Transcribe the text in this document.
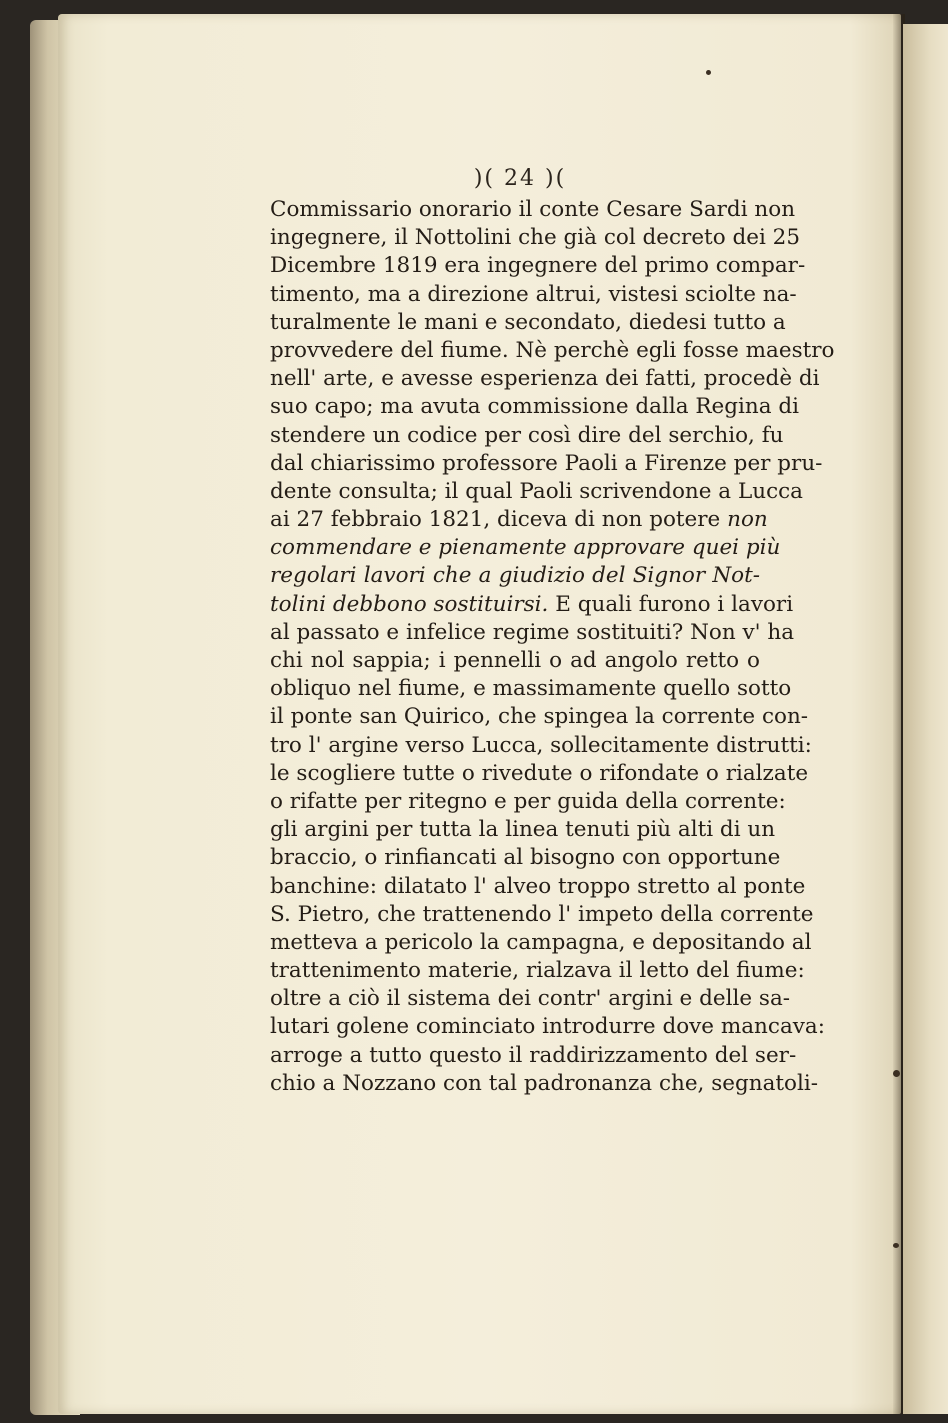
)( 24 )(
Commissario onorario il conte Cesare Sardi non
ingegnere, il Nottolini che già col decreto dei 25
Dicembre 1819 era ingegnere del primo compar-
timento, ma a direzione altrui, vistesi sciolte na-
turalmente le mani e secondato, diedesi tutto a
provvedere del fiume. Nè perchè egli fosse maestro
nell' arte, e avesse esperienza dei fatti, procedè di
suo capo; ma avuta commissione dalla Regina di
stendere un codice per così dire del serchio, fu
dal chiarissimo professore Paoli a Firenze per pru-
dente consulta; il qual Paoli scrivendone a Lucca
ai 27 febbraio 1821, diceva di non potere non
commendare e pienamente approvare quei più
regolari lavori che a giudizio del Signor Not-
tolini debbono sostituirsi. E quali furono i lavori
al passato e infelice regime sostituiti? Non v' ha
chi nol sappia; i pennelli o ad angolo retto o
obliquo nel fiume, e massimamente quello sotto
il ponte san Quirico, che spingea la corrente con-
tro l' argine verso Lucca, sollecitamente distrutti:
le scogliere tutte o rivedute o rifondate o rialzate
o rifatte per ritegno e per guida della corrente:
gli argini per tutta la linea tenuti più alti di un
braccio, o rinfiancati al bisogno con opportune
banchine: dilatato l' alveo troppo stretto al ponte
S. Pietro, che trattenendo l' impeto della corrente
metteva a pericolo la campagna, e depositando al
trattenimento materie, rialzava il letto del fiume:
oltre a ciò il sistema dei contr' argini e delle sa-
lutari golene cominciato introdurre dove mancava:
arroge a tutto questo il raddirizzamento del ser-
chio a Nozzano con tal padronanza che, segnatoli-
